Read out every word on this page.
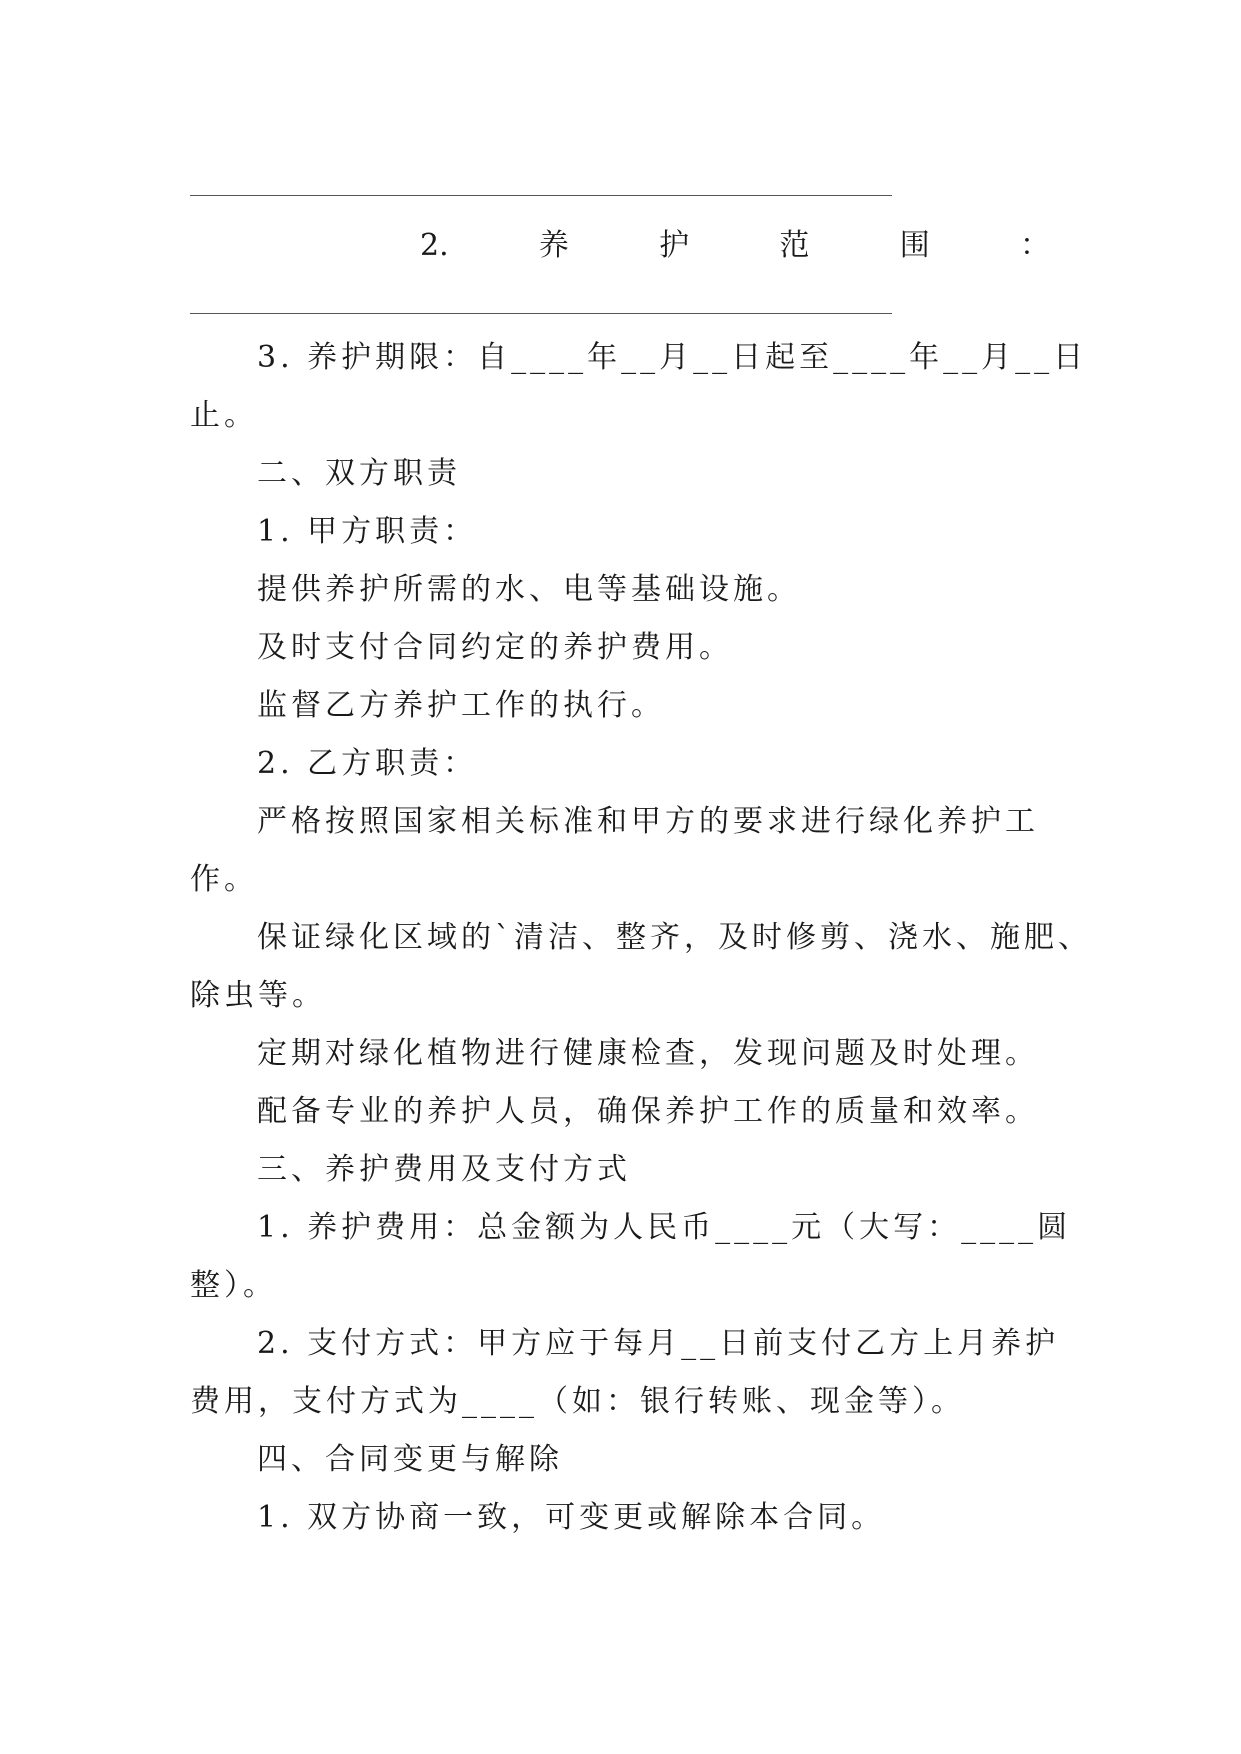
2.	养	护	范	围	：
3. 养护期限：自____年__月__日起至____年__月__日
止。
二、双方职责
1. 甲方职责：
提供养护所需的水、电等基础设施。
及时支付合同约定的养护费用。
监督乙方养护工作的执行。
2. 乙方职责：
严格按照国家相关标准和甲方的要求进行绿化养护工
作。
保证绿化区域的`清洁、整齐，及时修剪、浇水、施肥、
除虫等。
定期对绿化植物进行健康检查，发现问题及时处理。
配备专业的养护人员，确保养护工作的质量和效率。
三、养护费用及支付方式
1. 养护费用：总金额为人民币____元（大写：____圆
整）。
2. 支付方式：甲方应于每月__日前支付乙方上月养护
费用，支付方式为____（如：银行转账、现金等）。
四、合同变更与解除
1. 双方协商一致，可变更或解除本合同。
